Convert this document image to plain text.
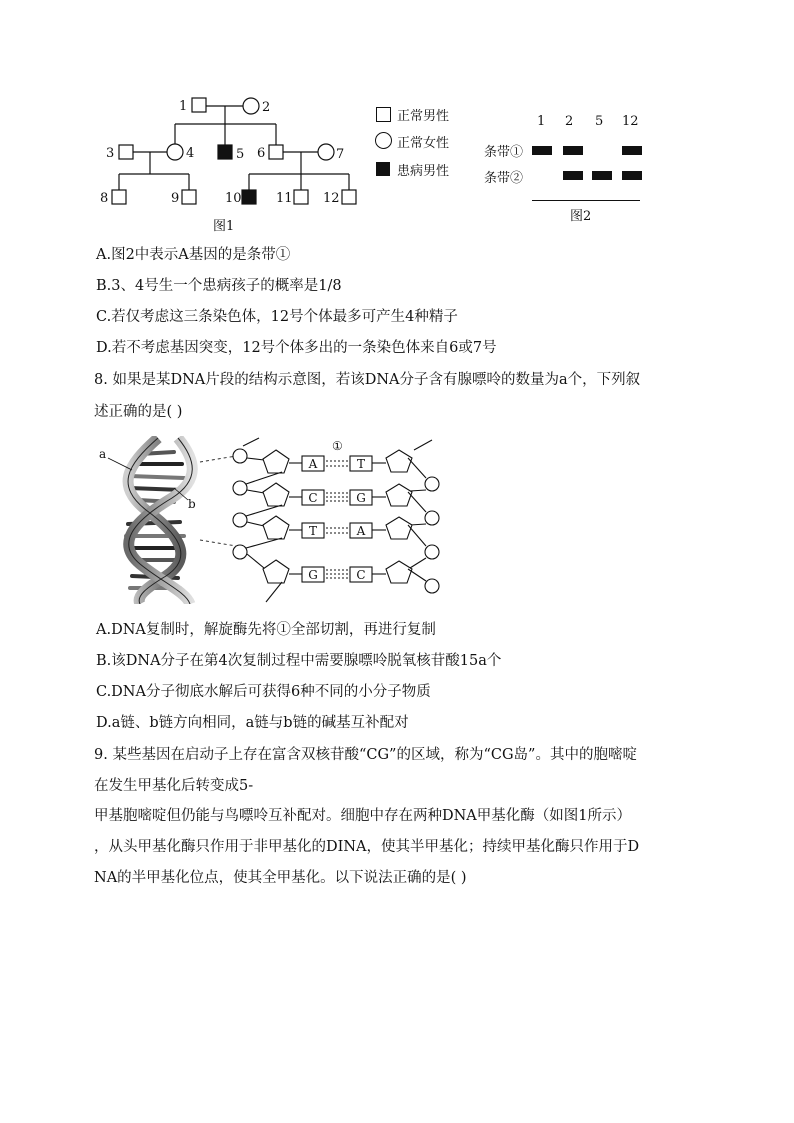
1	2
3	4	5 6	7
8	9	10	11 12
图1
正常男性
正常女性
患病男性
1 2 5 12
条带①
条带②
图2
A.图2中表示A基因的是条带①
B.3、4号生一个患病孩子的概率是1/8
C.若仅考虑这三条染色体，12号个体最多可产生4种精子
D.若不考虑基因突变，12号个体多出的一条染色体来自6或7号
8. 如果是某DNA片段的结构示意图，若该DNA分子含有腺嘌呤的数量为a个，下列叙
述正确的是( )
a
b
①
A	T
C	G
T	A
G	C
A.DNA复制时，解旋酶先将①全部切割，再进行复制
B.该DNA分子在第4次复制过程中需要腺嘌呤脱氧核苷酸15a个
C.DNA分子彻底水解后可获得6种不同的小分子物质
D.a链、b链方向相同，a链与b链的碱基互补配对
9. 某些基因在启动子上存在富含双核苷酸“CG”的区域，称为“CG岛”。其中的胞嘧啶
在发生甲基化后转变成5-
甲基胞嘧啶但仍能与鸟嘌呤互补配对。细胞中存在两种DNA甲基化酶（如图1所示）
，从头甲基化酶只作用于非甲基化的DINA，使其半甲基化；持续甲基化酶只作用于D
NA的半甲基化位点，使其全甲基化。以下说法正确的是( )
